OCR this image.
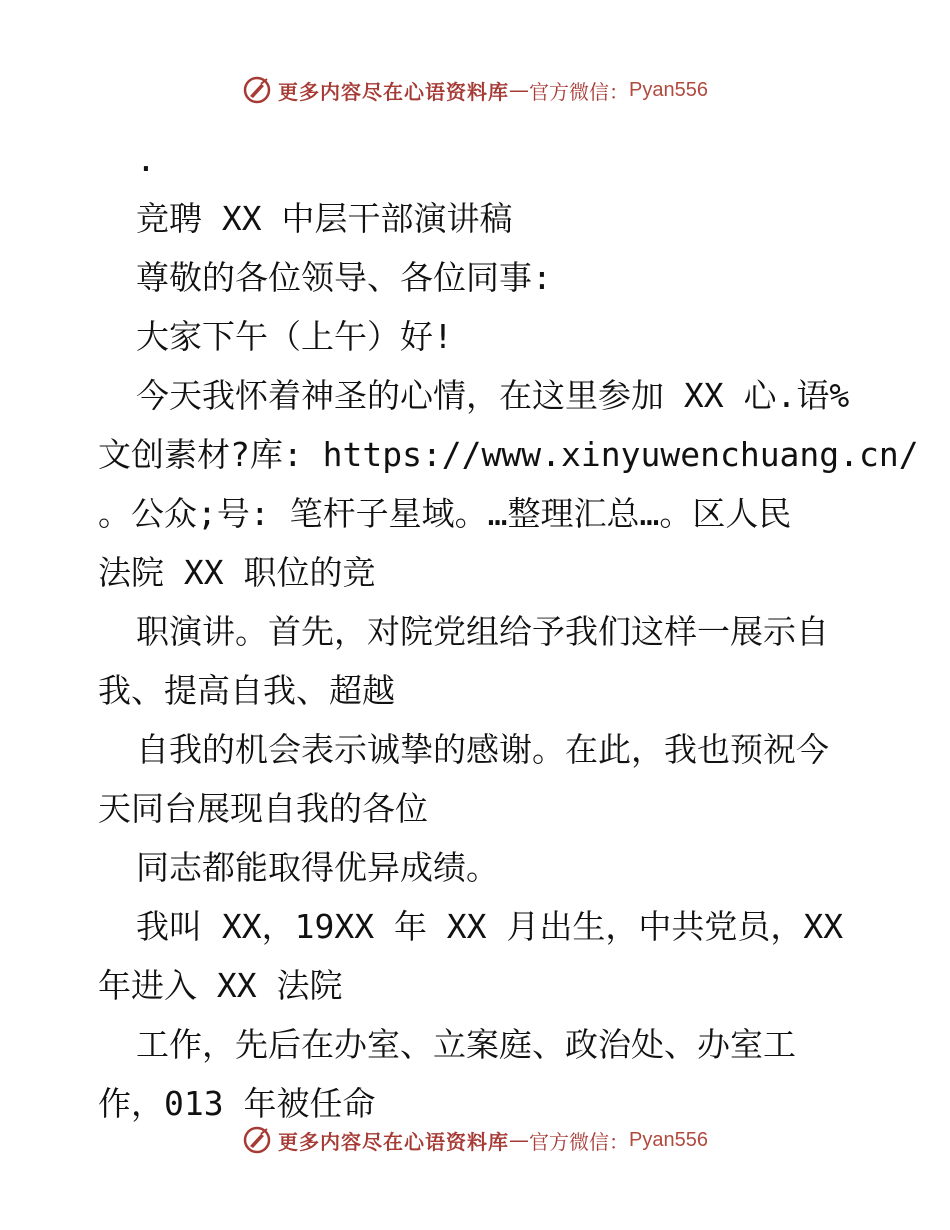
更多内容尽在心语资料库 — 官方微信： Pyan556
.
竞聘 XX 中层干部演讲稿
尊敬的各位领导、各位同事:
大家下午（上午）好!
今天我怀着神圣的心情，在这里参加 XX 心.语%
文创素材?库: https://www.xinyuwenchuang.cn/
。公众;号: 笔杆子星域。…整理汇总…。区人民
法院 XX 职位的竞
职演讲。首先，对院党组给予我们这样一展示自
我、提高自我、超越
自我的机会表示诚挚的感谢。在此，我也预祝今
天同台展现自我的各位
同志都能取得优异成绩。
我叫 XX，19XX 年 XX 月出生，中共党员，XX
年进入 XX 法院
工作，先后在办室、立案庭、政治处、办室工
作，013 年被任命
更多内容尽在心语资料库 — 官方微信： Pyan556
